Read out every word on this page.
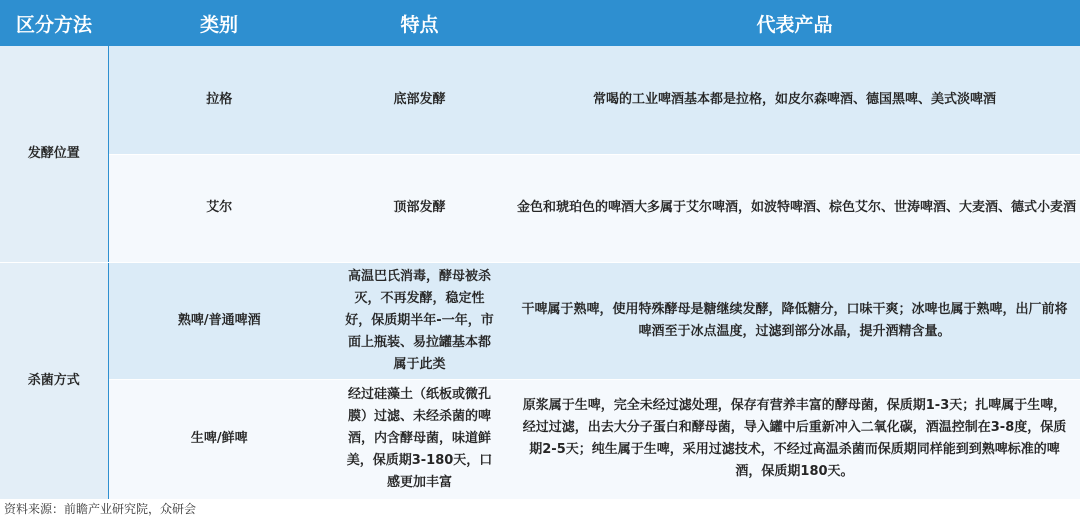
区分方法	类别	特点	代表产品
发酵位置	拉格	底部发酵	常喝的工业啤酒基本都是拉格，如皮尔森啤酒、德国黑啤、美式淡啤酒
	艾尔	顶部发酵	金色和琥珀色的啤酒大多属于艾尔啤酒，如波特啤酒、棕色艾尔、世涛啤酒、大麦酒、德式小麦酒
杀菌方式	熟啤/普通啤酒	高温巴氏消毒，酵母被杀灭，不再发酵，稳定性好，保质期半年-一年，市面上瓶装、易拉罐基本都属于此类	干啤属于熟啤，使用特殊酵母是糖继续发酵，降低糖分，口味干爽；冰啤也属于熟啤，出厂前将啤酒至于冰点温度，过滤到部分冰晶，提升酒精含量。
	生啤/鲜啤	经过硅藻土（纸板或微孔膜）过滤、未经杀菌的啤酒，内含酵母菌，味道鲜美，保质期3-180天，口感更加丰富	原浆属于生啤，完全未经过滤处理，保存有营养丰富的酵母菌，保质期1-3天；扎啤属于生啤，经过过滤，出去大分子蛋白和酵母菌，导入罐中后重新冲入二氧化碳，酒温控制在3-8度，保质期2-5天；纯生属于生啤，采用过滤技术，不经过高温杀菌而保质期同样能到到熟啤标准的啤酒，保质期180天。
资料来源：前瞻产业研究院，众研会
